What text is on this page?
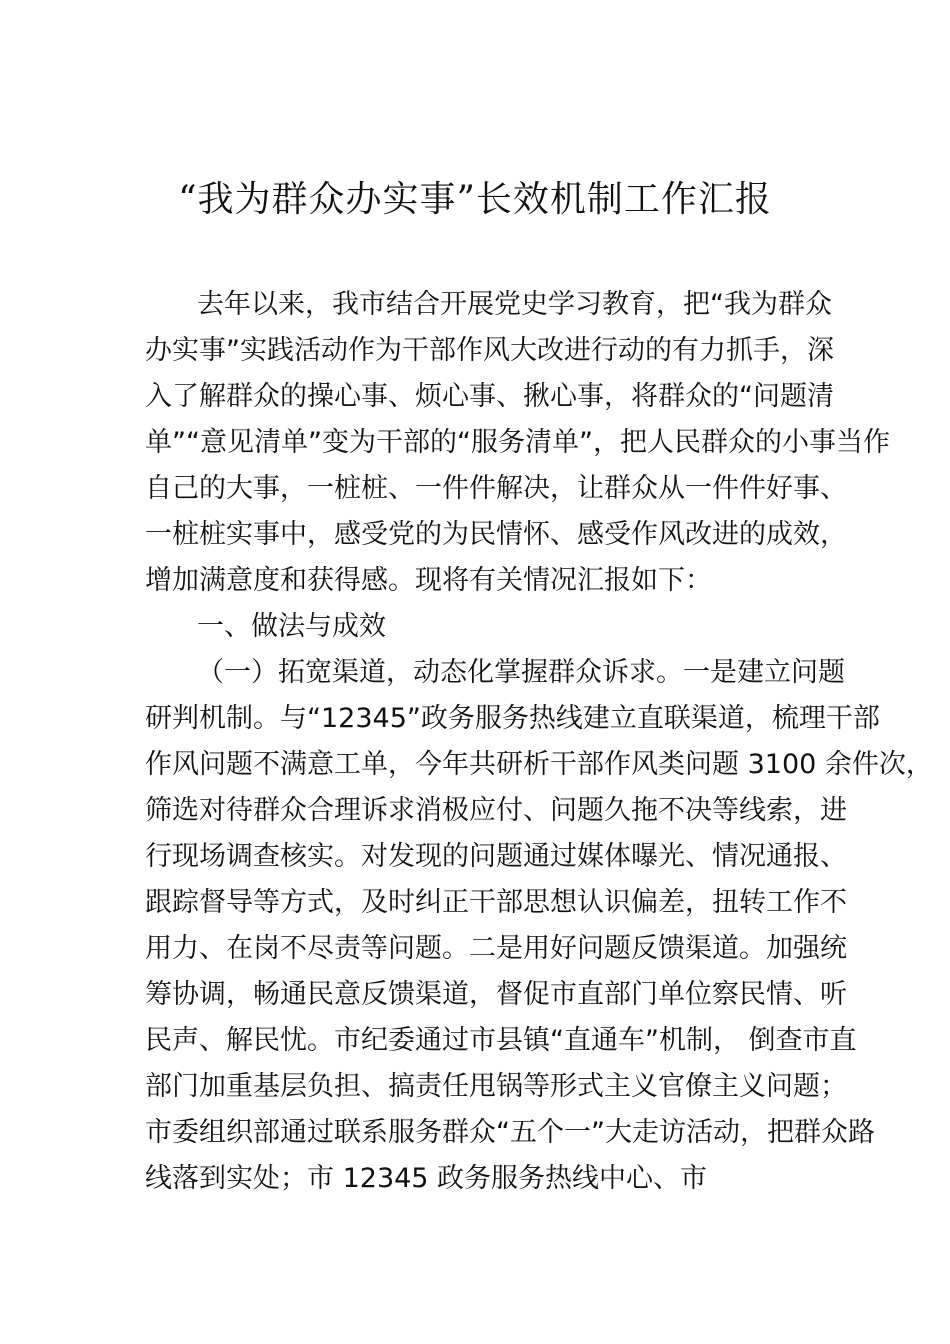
“我为群众办实事”长效机制工作汇报
去年以来，我市结合开展党史学习教育，把“我为群众
办实事”实践活动作为干部作风大改进行动的有力抓手，深
入了解群众的操心事、烦心事、揪心事，将群众的“问题清
单”“意见清单”变为干部的“服务清单”，把人民群众的小事当作
自己的大事，一桩桩、一件件解决，让群众从一件件好事、
一桩桩实事中，感受党的为民情怀、感受作风改进的成效，
增加满意度和获得感。现将有关情况汇报如下：
一、做法与成效
（一）拓宽渠道，动态化掌握群众诉求。一是建立问题
研判机制。与“12345”政务服务热线建立直联渠道，梳理干部
作风问题不满意工单，今年共研析干部作风类问题 3100 余件次，
筛选对待群众合理诉求消极应付、问题久拖不决等线索，进
行现场调查核实。对发现的问题通过媒体曝光、情况通报、
跟踪督导等方式，及时纠正干部思想认识偏差，扭转工作不
用力、在岗不尽责等问题。二是用好问题反馈渠道。加强统
筹协调，畅通民意反馈渠道，督促市直部门单位察民情、听
民声、解民忧。市纪委通过市县镇“直通车”机制， 倒查市直
部门加重基层负担、搞责任甩锅等形式主义官僚主义问题；
市委组织部通过联系服务群众“五个一”大走访活动，把群众路
线落到实处；市 12345 政务服务热线中心、市
